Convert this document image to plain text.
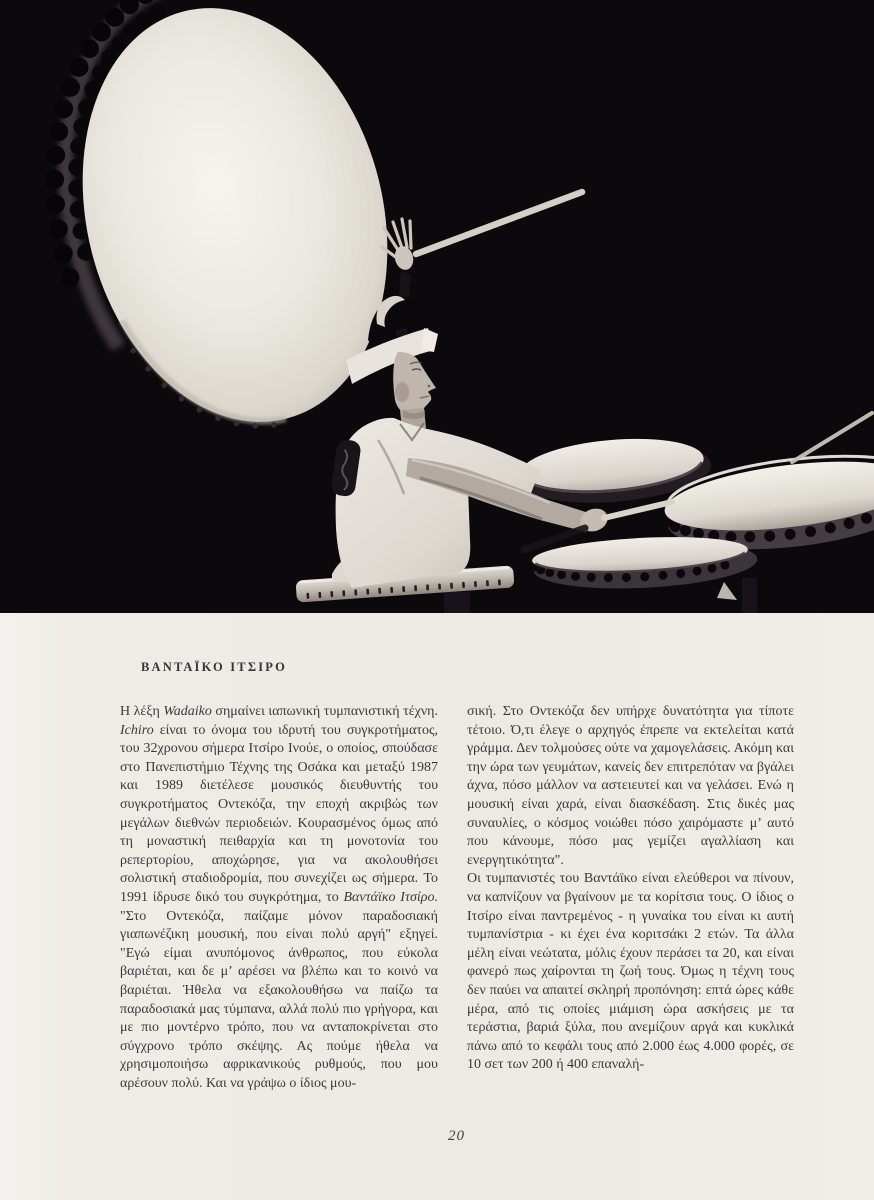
ΒΑΝΤΑΪΚΟ ΙΤΣΙΡΟ

Η λέξη Wadaiko σημαίνει ιαπωνική τυμπανιστική τέχνη. Ichiro είναι το όνομα του ιδρυτή του συγκροτήματος, του 32χρονου σήμερα Ιτσίρο Ινούε, ο οποίος, σπούδασε στο Πανεπιστήμιο Τέχνης της Οσάκα και μεταξύ 1987 και 1989 διετέλεσε μουσικός διευθυντής του συγκροτήματος Οντεκόζα, την εποχή ακριβώς των μεγάλων διεθνών περιοδειών. Κουρασμένος όμως από τη μοναστική πειθαρχία και τη μονοτονία του ρεπερτορίου, αποχώρησε, για να ακολουθήσει σολιστική σταδιοδρομία, που συνεχίζει ως σήμερα. Το 1991 ίδρυσε δικό του συγκρότημα, το Βαντάϊκο Ιτσίρο. "Στο Οντεκόζα, παίζαμε μόνον παραδοσιακή γιαπωνέζικη μουσική, που είναι πολύ αργή" εξηγεί. "Εγώ είμαι ανυπόμονος άνθρωπος, που εύκολα βαριέται, και δε μ’ αρέσει να βλέπω και το κοινό να βαριέται. Ήθελα να εξακολουθήσω να παίζω τα παραδοσιακά μας τύμπανα, αλλά πολύ πιο γρήγορα, και με πιο μοντέρνο τρόπο, που να ανταποκρίνεται στο σύγχρονο τρόπο σκέψης. Ας πούμε ήθελα να χρησιμοποιήσω αφρικανικούς ρυθμούς, που μου αρέσουν πολύ. Και να γράψω ο ίδιος μου-

σική. Στο Οντεκόζα δεν υπήρχε δυνατότητα για τίποτε τέτοιο. Ό,τι έλεγε ο αρχηγός έπρεπε να εκτελείται κατά γράμμα. Δεν τολμούσες ούτε να χαμογελάσεις. Ακόμη και την ώρα των γευμάτων, κανείς δεν επιτρεπόταν να βγάλει άχνα, πόσο μάλλον να αστειευτεί και να γελάσει. Ενώ η μουσική είναι χαρά, είναι διασκέδαση. Στις δικές μας συναυλίες, ο κόσμος νοιώθει πόσο χαιρόμαστε μ’ αυτό που κάνουμε, πόσο μας γεμίζει αγαλλίαση και ενεργητικότητα".

Οι τυμπανιστές του Βαντάϊκο είναι ελεύθεροι να πίνουν, να καπνίζουν να βγαίνουν με τα κορίτσια τους. Ο ίδιος ο Ιτσίρο είναι παντρεμένος - η γυναίκα του είναι κι αυτή τυμπανίστρια - κι έχει ένα κοριτσάκι 2 ετών. Τα άλλα μέλη είναι νεώτατα, μόλις έχουν περάσει τα 20, και είναι φανερό πως χαίρονται τη ζωή τους. Όμως η τέχνη τους δεν παύει να απαιτεί σκληρή προπόνηση: επτά ώρες κάθε μέρα, από τις οποίες μιάμιση ώρα ασκήσεις με τα τεράστια, βαριά ξύλα, που ανεμίζουν αργά και κυκλικά πάνω από το κεφάλι τους από 2.000 έως 4.000 φορές, σε 10 σετ των 200 ή 400 επαναλή-

20
